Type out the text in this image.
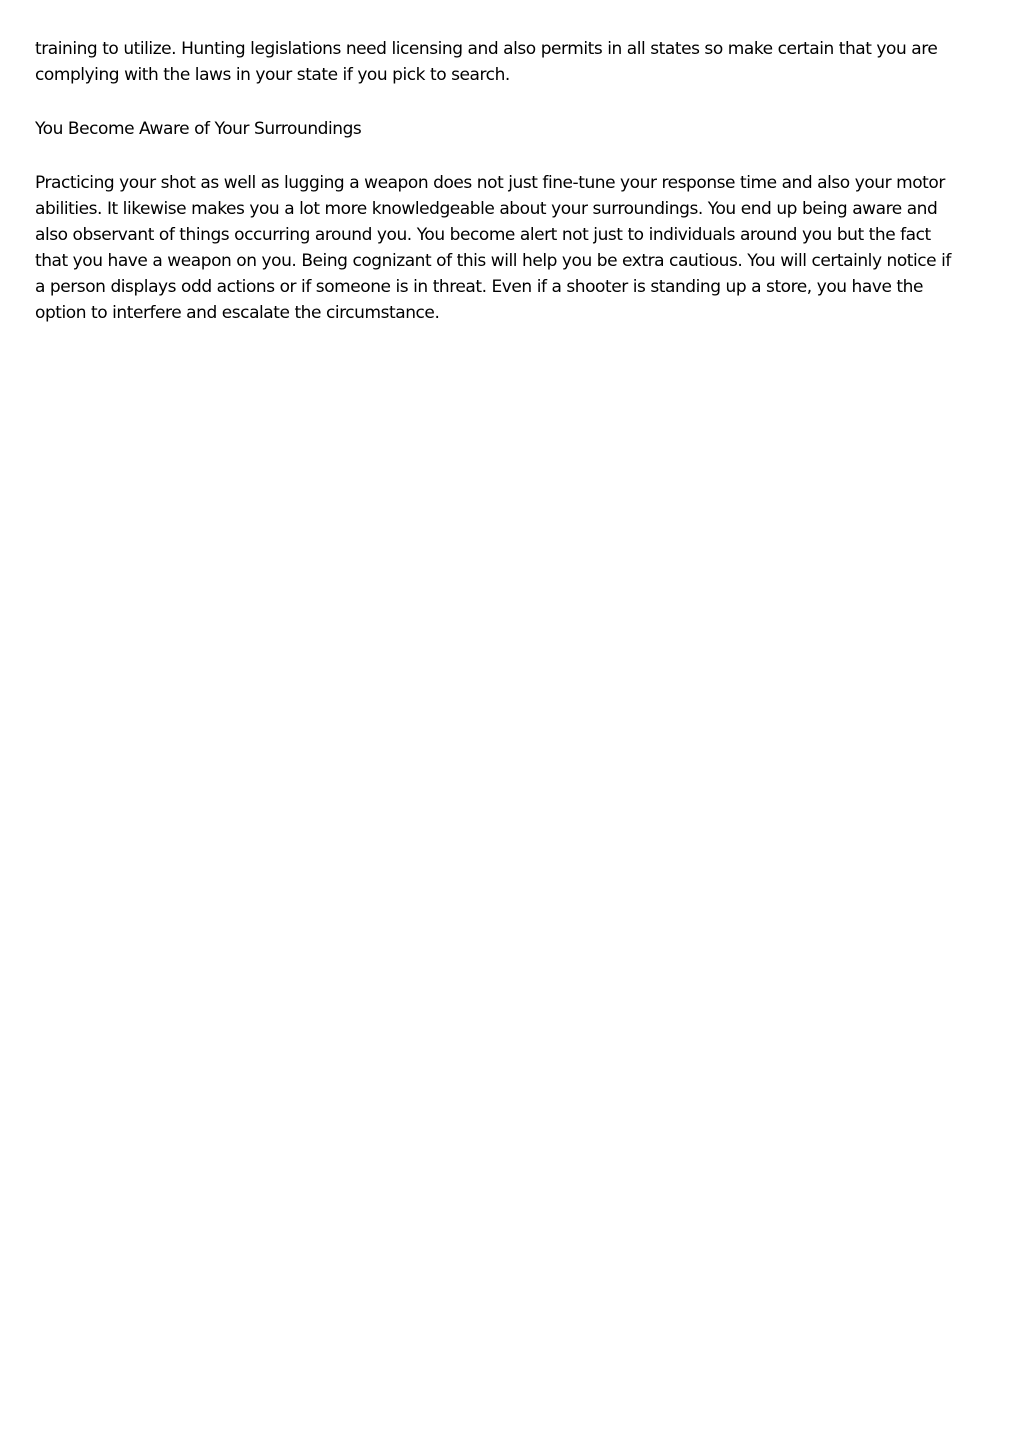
training to utilize. Hunting legislations need licensing and also permits in all states so make certain that you are
complying with the laws in your state if you pick to search.

You Become Aware of Your Surroundings

Practicing your shot as well as lugging a weapon does not just fine-tune your response time and also your motor
abilities. It likewise makes you a lot more knowledgeable about your surroundings. You end up being aware and
also observant of things occurring around you. You become alert not just to individuals around you but the fact
that you have a weapon on you. Being cognizant of this will help you be extra cautious. You will certainly notice if
a person displays odd actions or if someone is in threat. Even if a shooter is standing up a store, you have the
option to interfere and escalate the circumstance.
